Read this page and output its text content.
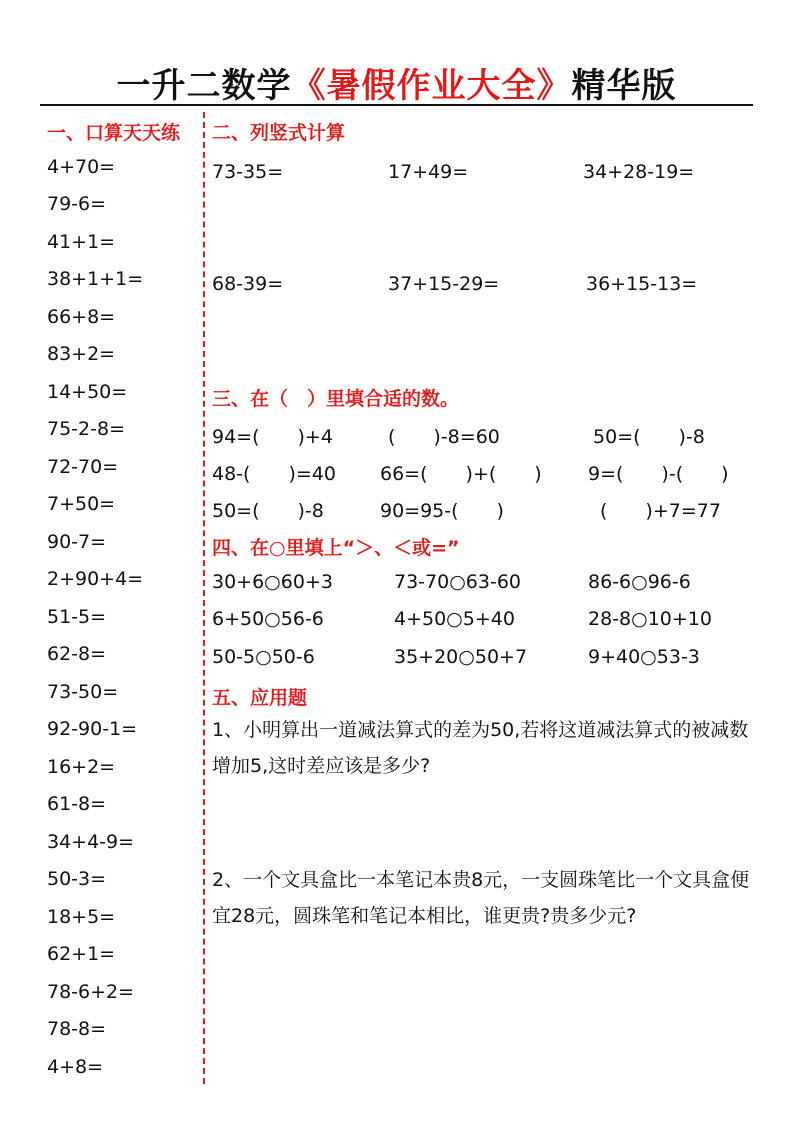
一升二数学《暑假作业大全》精华版
一、口算天天练
4+70=
79-6=
41+1=
38+1+1=
66+8=
83+2=
14+50=
75-2-8=
72-70=
7+50=
90-7=
2+90+4=
51-5=
62-8=
73-50=
92-90-1=
16+2=
61-8=
34+4-9=
50-3=
18+5=
62+1=
78-6+2=
78-8=
4+8=
二、列竖式计算
73-35=	17+49=	34+28-19=
68-39=	37+15-29=	36+15-13=
三、在（　）里填合适的数。
94=(　　)+4	(　　)-8=60	50=(　　)-8
48-(　　)=40 66=(　　)+(　　) 9=(　　)-(　　)
50=(　　)-8	90=95-(　　)	(　　)+7=77
四、在○里填上“＞、＜或=”
30+6○60+3	73-70○63-60	86-6○96-6
6+50○56-6	4+50○5+40	28-8○10+10
50-5○50-6	35+20○50+7	9+40○53-3
五、应用题
1、小明算出一道减法算式的差为50,若将这道减法算式的被减数增加5,这时差应该是多少?
2、一个文具盒比一本笔记本贵8元，一支圆珠笔比一个文具盒便宜28元，圆珠笔和笔记本相比，谁更贵?贵多少元?
